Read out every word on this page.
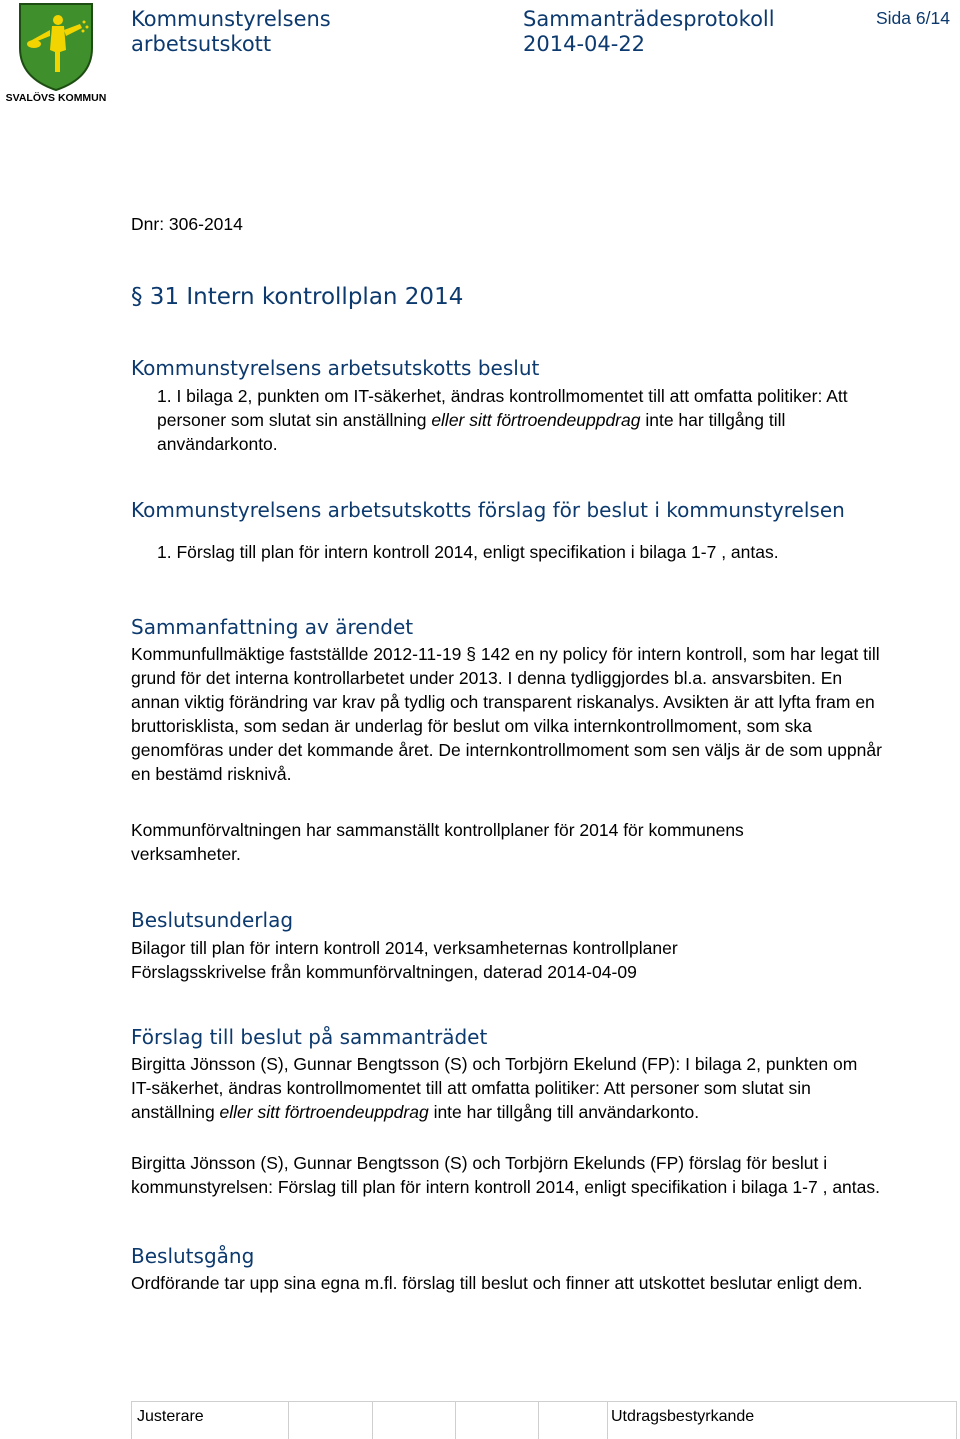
SVALÖVS KOMMUN
Kommunstyrelsens
arbetsutskott
Sammanträdesprotokoll
2014-04-22
Sida 6/14
Dnr: 306-2014
§ 31 Intern kontrollplan 2014
Kommunstyrelsens arbetsutskotts beslut

1. I bilaga 2, punkten om IT-säkerhet, ändras kontrollmomentet till att omfatta politiker: Att

personer som slutat sin anställning eller sitt förtroendeuppdrag inte har tillgång till

användarkonto.

Kommunstyrelsens arbetsutskotts förslag för beslut i kommunstyrelsen
1. Förslag till plan för intern kontroll 2014, enligt specifikation i bilaga 1-7 , antas.
Sammanfattning av ärendet

Kommunfullmäktige fastställde 2012-11-19 § 142 en ny policy för intern kontroll, som har legat till

grund för det interna kontrollarbetet under 2013. I denna tydliggjordes bl.a. ansvarsbiten. En

annan viktig förändring var krav på tydlig och transparent riskanalys. Avsikten är att lyfta fram en

bruttorisklista, som sedan är underlag för beslut om vilka internkontrollmoment, som ska

genomföras under det kommande året. De internkontrollmoment som sen väljs är de som uppnår

en bestämd risknivå.

Kommunförvaltningen har sammanställt kontrollplaner för 2014 för kommunens

verksamheter.

Beslutsunderlag

Bilagor till plan för intern kontroll 2014, verksamheternas kontrollplaner

Förslagsskrivelse från kommunförvaltningen, daterad 2014-04-09

Förslag till beslut på sammanträdet

Birgitta Jönsson (S), Gunnar Bengtsson (S) och Torbjörn Ekelund (FP): I bilaga 2, punkten om

IT-säkerhet, ändras kontrollmomentet till att omfatta politiker: Att personer som slutat sin

anställning eller sitt förtroendeuppdrag inte har tillgång till användarkonto.

Birgitta Jönsson (S), Gunnar Bengtsson (S) och Torbjörn Ekelunds (FP) förslag för beslut i

kommunstyrelsen: Förslag till plan för intern kontroll 2014, enligt specifikation i bilaga 1-7 , antas.

Beslutsgång
Ordförande tar upp sina egna m.fl. förslag till beslut och finner att utskottet beslutar enligt dem.
Justerare	Utdragsbestyrkande
